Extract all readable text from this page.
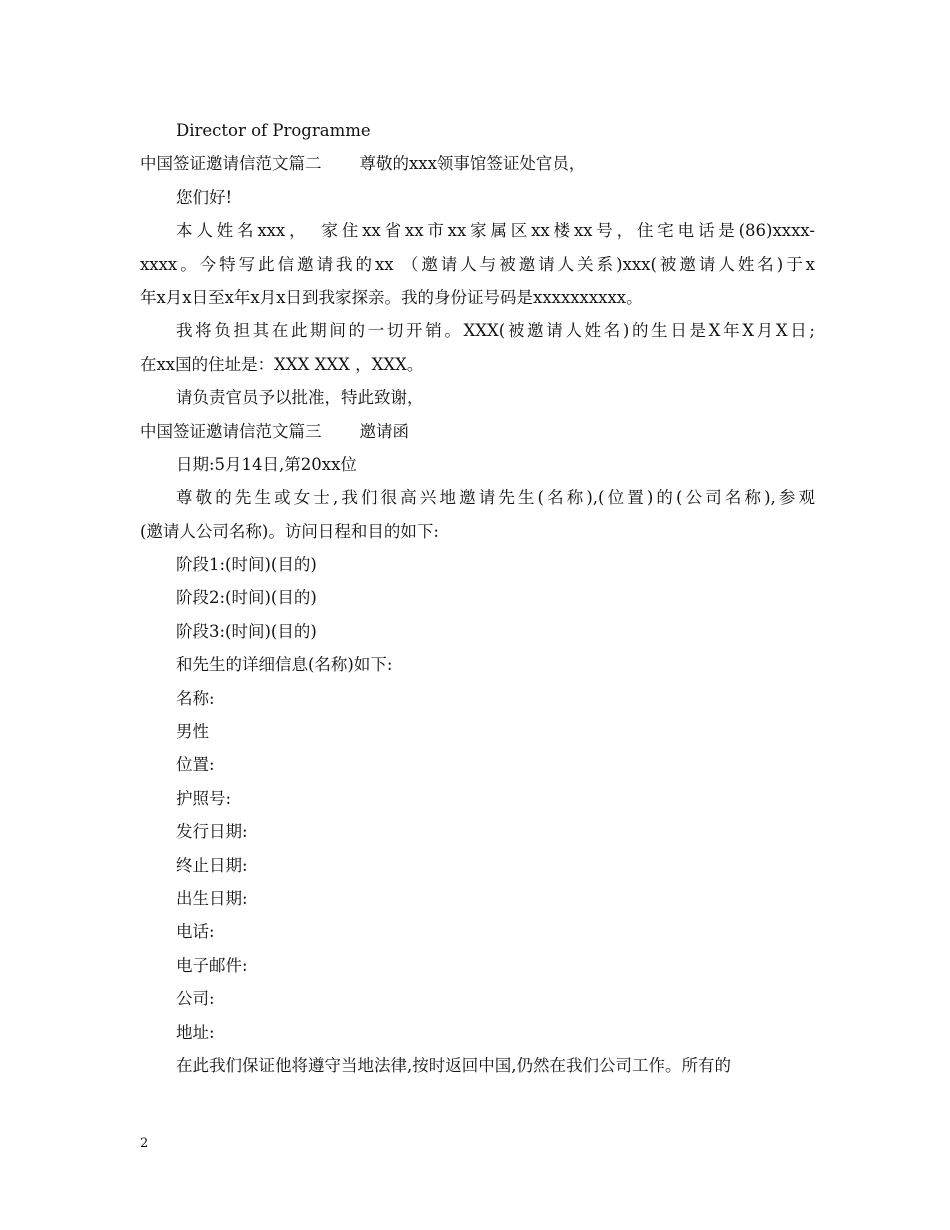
Director of Programme
中国签证邀请信范文篇二 尊敬的xxx领事馆签证处官员，
您们好!
本人姓名xxx，　家住xx省xx市xx家属区xx楼xx号，住宅电话是(86)xxxx-
xxxx。今特写此信邀请我的xx （邀请人与被邀请人关系)xxx(被邀请人姓名)于x
年x月x日至x年x月x日到我家探亲。我的身份证号码是xxxxxxxxxx。
我将负担其在此期间的一切开销。XXX(被邀请人姓名)的生日是X年X月X日;
在xx国的住址是：XXX XXX ，XXX。
请负责官员予以批准，特此致谢，
中国签证邀请信范文篇三 邀请函
日期:5月14日,第20xx位
尊敬的先生或女士,我们很高兴地邀请先生(名称),(位置)的(公司名称),参观
(邀请人公司名称)。访问日程和目的如下:
阶段1:(时间)(目的)
阶段2:(时间)(目的)
阶段3:(时间)(目的)
和先生的详细信息(名称)如下:
名称:
男性
位置:
护照号:
发行日期:
终止日期:
出生日期:
电话:
电子邮件:
公司:
地址:
在此我们保证他将遵守当地法律,按时返回中国,仍然在我们公司工作。所有的
2
